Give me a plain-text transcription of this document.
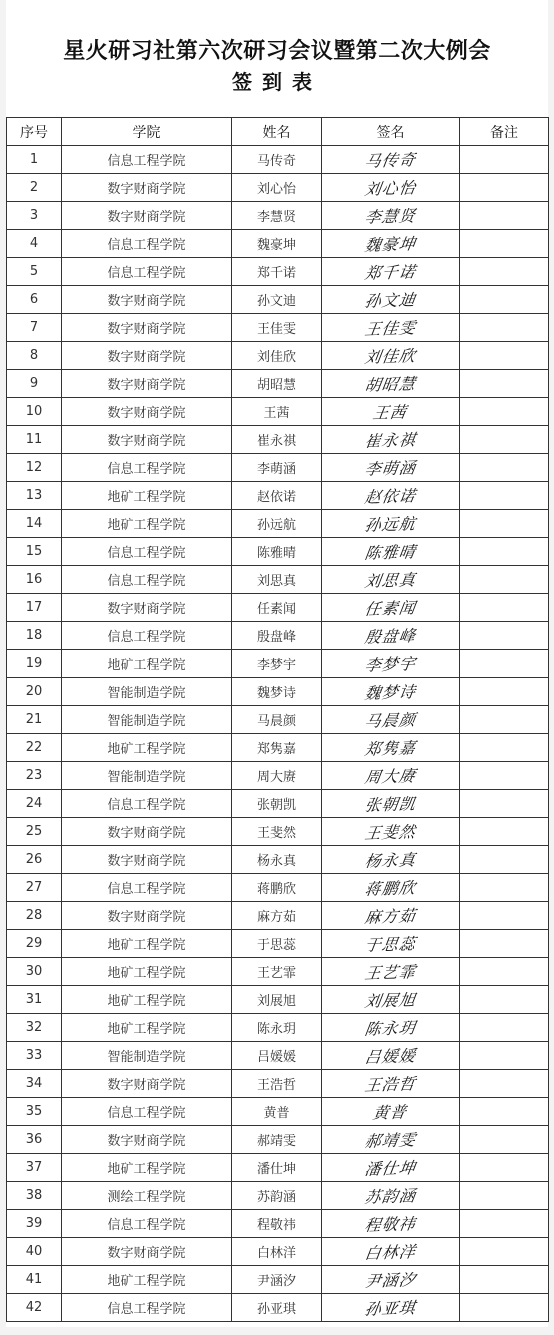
星火研习社第六次研习会议暨第二次大例会
签到表
序号	学院	姓名	签名	备注
1	信息工程学院	马传奇	马传奇	
2	数字财商学院	刘心怡	刘心怡	
3	数字财商学院	李慧贤	李慧贤	
4	信息工程学院	魏豪坤	魏豪坤	
5	信息工程学院	郑千诺	郑千诺	
6	数字财商学院	孙文迪	孙文迪	
7	数字财商学院	王佳雯	王佳雯	
8	数字财商学院	刘佳欣	刘佳欣	
9	数字财商学院	胡昭慧	胡昭慧	
10	数字财商学院	王茜	王茜	
11	数字财商学院	崔永祺	崔永祺	
12	信息工程学院	李萌涵	李萌涵	
13	地矿工程学院	赵依诺	赵依诺	
14	地矿工程学院	孙远航	孙远航	
15	信息工程学院	陈雅晴	陈雅晴	
16	信息工程学院	刘思真	刘思真	
17	数字财商学院	任素闻	任素闻	
18	信息工程学院	殷盘峰	殷盘峰	
19	地矿工程学院	李梦宇	李梦宇	
20	智能制造学院	魏梦诗	魏梦诗	
21	智能制造学院	马晨颜	马晨颜	
22	地矿工程学院	郑隽嘉	郑隽嘉	
23	智能制造学院	周大赓	周大赓	
24	信息工程学院	张朝凯	张朝凯	
25	数字财商学院	王斐然	王斐然	
26	数字财商学院	杨永真	杨永真	
27	信息工程学院	蒋鹏欣	蒋鹏欣	
28	数字财商学院	麻方茹	麻方茹	
29	地矿工程学院	于思蕊	于思蕊	
30	地矿工程学院	王艺霏	王艺霏	
31	地矿工程学院	刘展旭	刘展旭	
32	地矿工程学院	陈永玥	陈永玥	
33	智能制造学院	吕媛媛	吕媛媛	
34	数字财商学院	王浩哲	王浩哲	
35	信息工程学院	黄普	黄普	
36	数字财商学院	郝靖雯	郝靖雯	
37	地矿工程学院	潘仕坤	潘仕坤	
38	测绘工程学院	苏韵涵	苏韵涵	
39	信息工程学院	程敬祎	程敬祎	
40	数字财商学院	白林洋	白林洋	
41	地矿工程学院	尹涵汐	尹涵汐	
42	信息工程学院	孙亚琪	孙亚琪	
